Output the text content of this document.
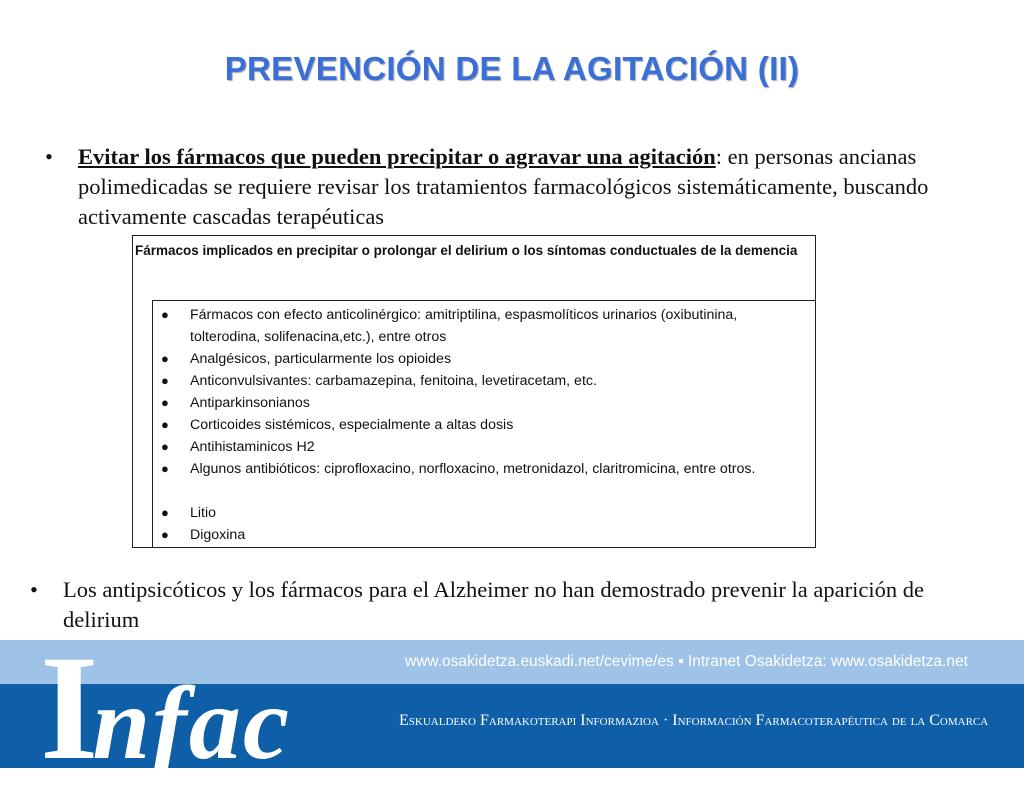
PREVENCIÓN DE LA AGITACIÓN (II)
• Evitar los fármacos que pueden precipitar o agravar una agitación: en personas ancianas polimedicadas se requiere revisar los tratamientos farmacológicos sistemáticamente, buscando activamente cascadas terapéuticas
Fármacos implicados en precipitar o prolongar el delirium o los síntomas conductuales de la demencia
● Fármacos con efecto anticolinérgico: amitriptilina, espasmolíticos urinarios (oxibutinina, tolterodina, solifenacina,etc.), entre otros
● Analgésicos, particularmente los opioides
● Anticonvulsivantes: carbamazepina, fenitoina, levetiracetam, etc.
● Antiparkinsonianos
● Corticoides sistémicos, especialmente a altas dosis
● Antihistaminicos H2
● Algunos antibióticos: ciprofloxacino, norfloxacino, metronidazol, claritromicina, entre otros.
● Litio
● Digoxina
• Los antipsicóticos y los fármacos para el Alzheimer no han demostrado prevenir la aparición de delirium
www.osakidetza.euskadi.net/cevime/es ▪ Intranet Osakidetza: www.osakidetza.net
Eskualdeko Farmakoterapi Informazioa · Información Farmacoterapéutica de la Comarca
Infac
